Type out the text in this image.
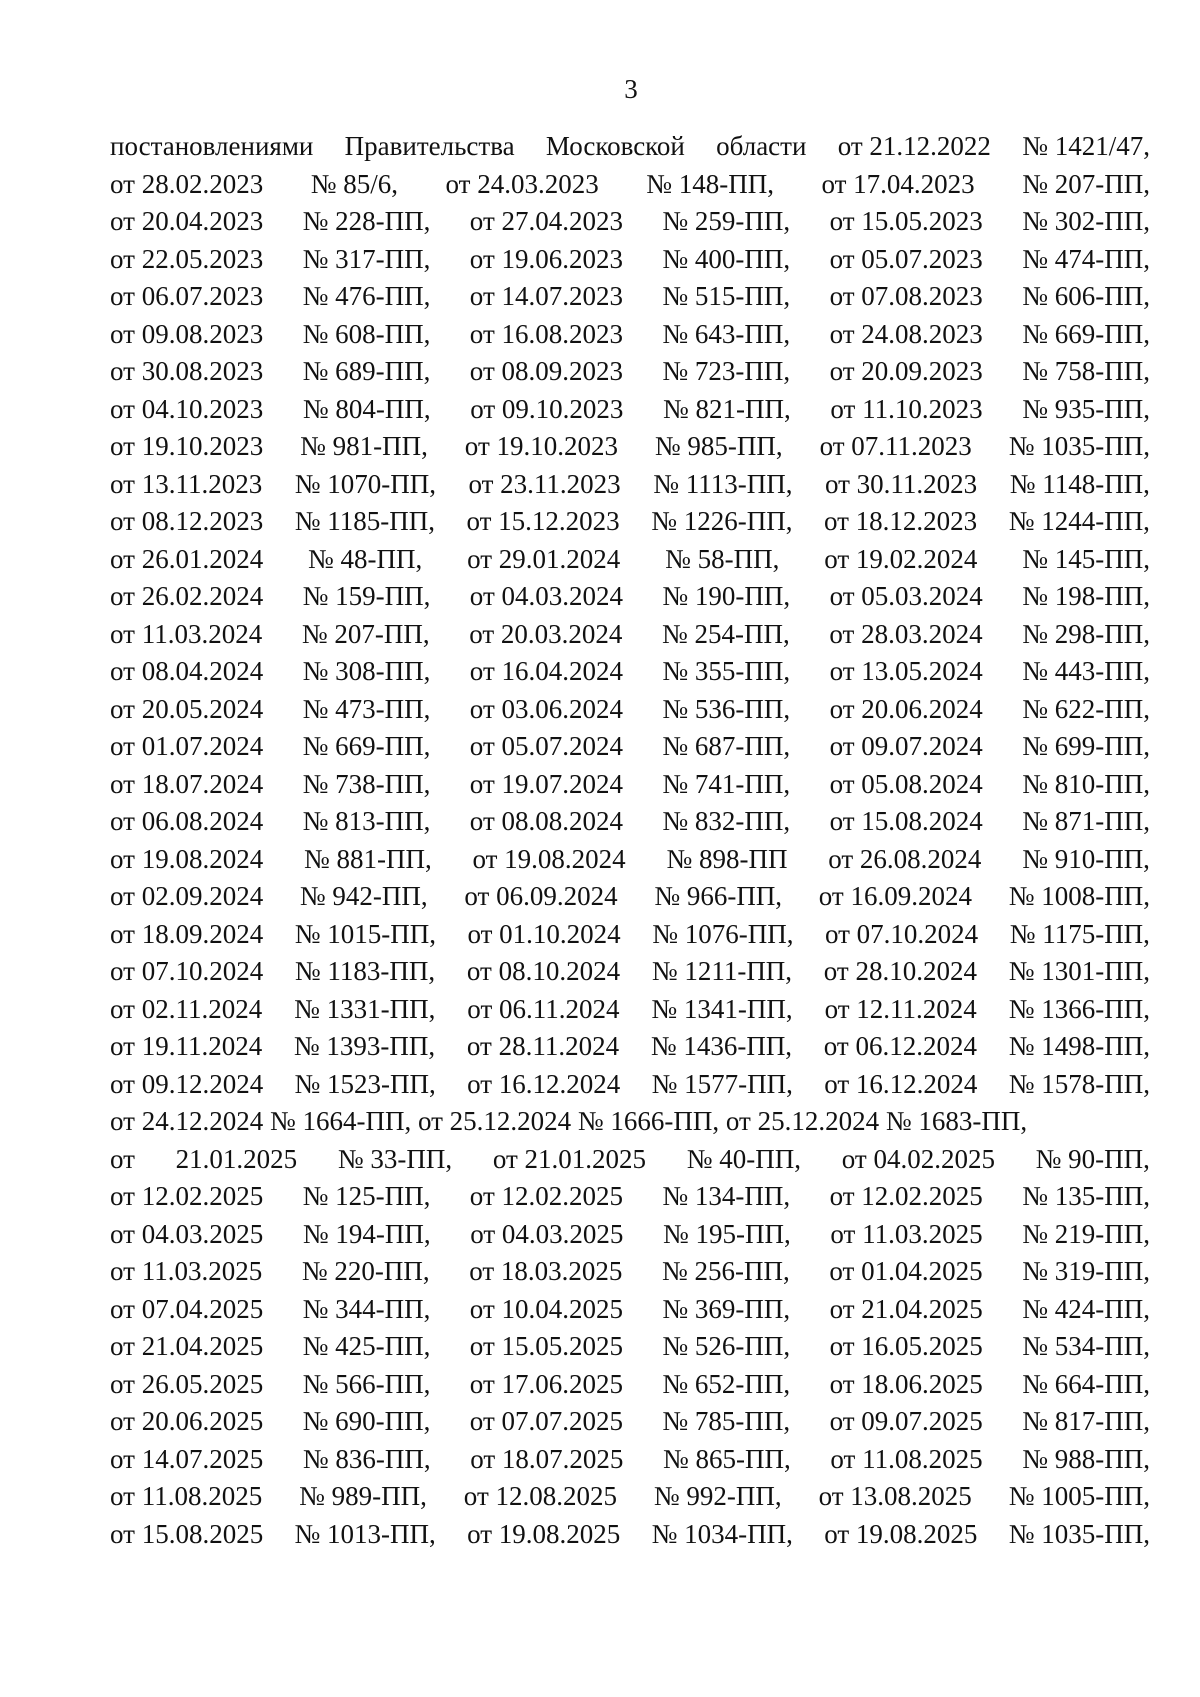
3
постановлениями Правительства Московской области от 21.12.2022 № 1421/47,
от 28.02.2023 № 85/6, от 24.03.2023 № 148-ПП, от 17.04.2023 № 207-ПП,
от 20.04.2023 № 228-ПП, от 27.04.2023 № 259-ПП, от 15.05.2023 № 302-ПП,
от 22.05.2023 № 317-ПП, от 19.06.2023 № 400-ПП, от 05.07.2023 № 474-ПП,
от 06.07.2023 № 476-ПП, от 14.07.2023 № 515-ПП, от 07.08.2023 № 606-ПП,
от 09.08.2023 № 608-ПП, от 16.08.2023 № 643-ПП, от 24.08.2023 № 669-ПП,
от 30.08.2023 № 689-ПП, от 08.09.2023 № 723-ПП, от 20.09.2023 № 758-ПП,
от 04.10.2023 № 804-ПП, от 09.10.2023 № 821-ПП, от 11.10.2023 № 935-ПП,
от 19.10.2023 № 981-ПП, от 19.10.2023 № 985-ПП, от 07.11.2023 № 1035-ПП,
от 13.11.2023 № 1070-ПП, от 23.11.2023 № 1113-ПП, от 30.11.2023 № 1148-ПП,
от 08.12.2023 № 1185-ПП, от 15.12.2023 № 1226-ПП, от 18.12.2023 № 1244-ПП,
от 26.01.2024 № 48-ПП, от 29.01.2024 № 58-ПП, от 19.02.2024 № 145-ПП,
от 26.02.2024 № 159-ПП, от 04.03.2024 № 190-ПП, от 05.03.2024 № 198-ПП,
от 11.03.2024 № 207-ПП, от 20.03.2024 № 254-ПП, от 28.03.2024 № 298-ПП,
от 08.04.2024 № 308-ПП, от 16.04.2024 № 355-ПП, от 13.05.2024 № 443-ПП,
от 20.05.2024 № 473-ПП, от 03.06.2024 № 536-ПП, от 20.06.2024 № 622-ПП,
от 01.07.2024 № 669-ПП, от 05.07.2024 № 687-ПП, от 09.07.2024 № 699-ПП,
от 18.07.2024 № 738-ПП, от 19.07.2024 № 741-ПП, от 05.08.2024 № 810-ПП,
от 06.08.2024 № 813-ПП, от 08.08.2024 № 832-ПП, от 15.08.2024 № 871-ПП,
от 19.08.2024 № 881-ПП, от 19.08.2024 № 898-ПП от 26.08.2024 № 910-ПП,
от 02.09.2024 № 942-ПП, от 06.09.2024 № 966-ПП, от 16.09.2024 № 1008-ПП,
от 18.09.2024 № 1015-ПП, от 01.10.2024 № 1076-ПП, от 07.10.2024 № 1175-ПП,
от 07.10.2024 № 1183-ПП, от 08.10.2024 № 1211-ПП, от 28.10.2024 № 1301-ПП,
от 02.11.2024 № 1331-ПП, от 06.11.2024 № 1341-ПП, от 12.11.2024 № 1366-ПП,
от 19.11.2024 № 1393-ПП, от 28.11.2024 № 1436-ПП, от 06.12.2024 № 1498-ПП,
от 09.12.2024 № 1523-ПП, от 16.12.2024 № 1577-ПП, от 16.12.2024 № 1578-ПП,
от 24.12.2024 № 1664-ПП, от 25.12.2024 № 1666-ПП, от 25.12.2024 № 1683-ПП,
от 21.01.2025 № 33-ПП, от 21.01.2025 № 40-ПП, от 04.02.2025 № 90-ПП,
от 12.02.2025 № 125-ПП, от 12.02.2025 № 134-ПП, от 12.02.2025 № 135-ПП,
от 04.03.2025 № 194-ПП, от 04.03.2025 № 195-ПП, от 11.03.2025 № 219-ПП,
от 11.03.2025 № 220-ПП, от 18.03.2025 № 256-ПП, от 01.04.2025 № 319-ПП,
от 07.04.2025 № 344-ПП, от 10.04.2025 № 369-ПП, от 21.04.2025 № 424-ПП,
от 21.04.2025 № 425-ПП, от 15.05.2025 № 526-ПП, от 16.05.2025 № 534-ПП,
от 26.05.2025 № 566-ПП, от 17.06.2025 № 652-ПП, от 18.06.2025 № 664-ПП,
от 20.06.2025 № 690-ПП, от 07.07.2025 № 785-ПП, от 09.07.2025 № 817-ПП,
от 14.07.2025 № 836-ПП, от 18.07.2025 № 865-ПП, от 11.08.2025 № 988-ПП,
от 11.08.2025 № 989-ПП, от 12.08.2025 № 992-ПП, от 13.08.2025 № 1005-ПП,
от 15.08.2025 № 1013-ПП, от 19.08.2025 № 1034-ПП, от 19.08.2025 № 1035-ПП,
